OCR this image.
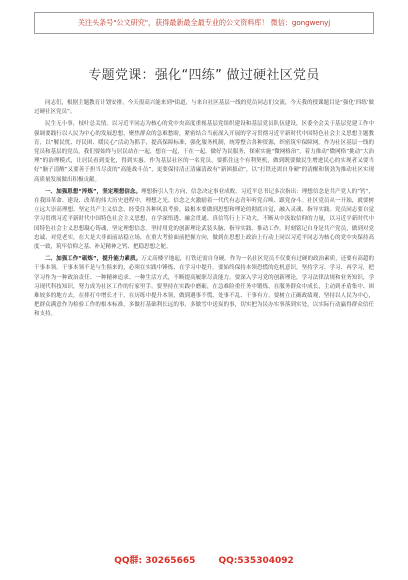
关注头条号"公文研究"，获得最新最全最专业的公文资料库！ 微信：gongwenyj
专题党课：强化“四练” 做过硬社区党员

同志们，根据主题教育计划安排，今天很高兴能来到*街道，与来自社区基层一线的党员同志们交流，今天我的授课题目是“强化‘四练’做过硬社区党员”。

民生无小事，枝叶总关情。以习近平同志为核心的党中央高度重视基层党组织建设和基层党员队伍建设，区委全会关于基层党建工作中强调要践行以人民为中心的发展思想，聚焦群众的急难愁盼，紧密结合当前深入开展的学习贯彻习近平新时代中国特色社会主义思想主题教育，以“解民忧、纾民困、暖民心”活动为抓手，提高保障标准，强化服务机制，统筹整合各种资源，织密筑牢保障网。作为社区基层一线的党员和基层的党员，我们要始终与居民站在一起，想在一起，干在一起，做好为民服务，探索实施“微网格治”，着力推动“微网格”挑动“大治理”的治理模式，让居民看到变化，得到实惠。作为基层社区的一名党员，要抓住这个有利契机，做到既要做民生增进民心的实现者又要当好“脑子清醒”又要善于担当尽责的“高能战斗员”，更要保持清正清廉清政有“新困拔动”，以“打铁还需自身硬”的清醒和韧劲为推动社区实现高质量发展做出积极贡献。

一、加强思想“淬炼”，坚定理想信念。理想指引人生方向，信念决定事业成败。习近平总书记多次指出：理想信念是共产党人的“钙”，在我国革命、建设、改革的伟大历史进程中，理想之光、信念之火激励着一代代有志青年听党召唤、跟党奋斗。社区党员从一开始，就要树立远大崇高理想。坚定共产主义信念，经受住各种风浪考验，最根本要做到思想和理论的彻底自觉，融入灵魂、指导实践。党员同志要自觉学习贯彻习近平新时代中国特色社会主义思想，在学深悟透、融会贯通、真信笃行上下功夫，不断从中汲取信仰的力量，以习近平新时代中国特色社会主义思想凝心铸魂，坚定理想信念。坚持用党的创新理论武装头脑、指导实践、推动工作。时刻铭记自身是共产党员，做到对党忠诚、对党老实，在大是大非面前站稳立场，在重大考验面前把握方向，做到在思想上政治上行动上同以习近平同志为核心的党中央保持高度一致，筑牢信仰之基、补足精神之钙、把稳思想之舵。

二、加强工作“砺炼”，提升能力素质。万丈高楼平地起，打铁还需自身硬。作为一名社区党员不仅要有过硬的政治素质，还要有高超的干事本领。干事本领不是与生俱来的，必须在实践中锤炼、在学习中提升。要始终保持本领恐慌的危机意识，坚持学习、学习、再学习，把学习作为一种政治责任、一种精神追求、一种生活方式，不断提高履职尽责能力。要深入学习党的创新理论，学习法律法规和业务知识，学习现代科技知识，努力成为社区工作的行家里手。要坚持在实践中磨砺，在急难险重任务中锻炼，在服务群众中成长，主动到矛盾集中、困难较多的地方去，在摔打中增长才干，在历练中提升本领，做到遇事不慌、处事不乱、干事有方。要树立正确政绩观，坚持以人民为中心，把群众满意作为检验工作的根本标准，多做打基础利长远的事，多做雪中送炭的事，切实把为民办实事落到实处，以实际行动赢得群众信任和支持。

QQ群: 30265665	QQ:535304092
